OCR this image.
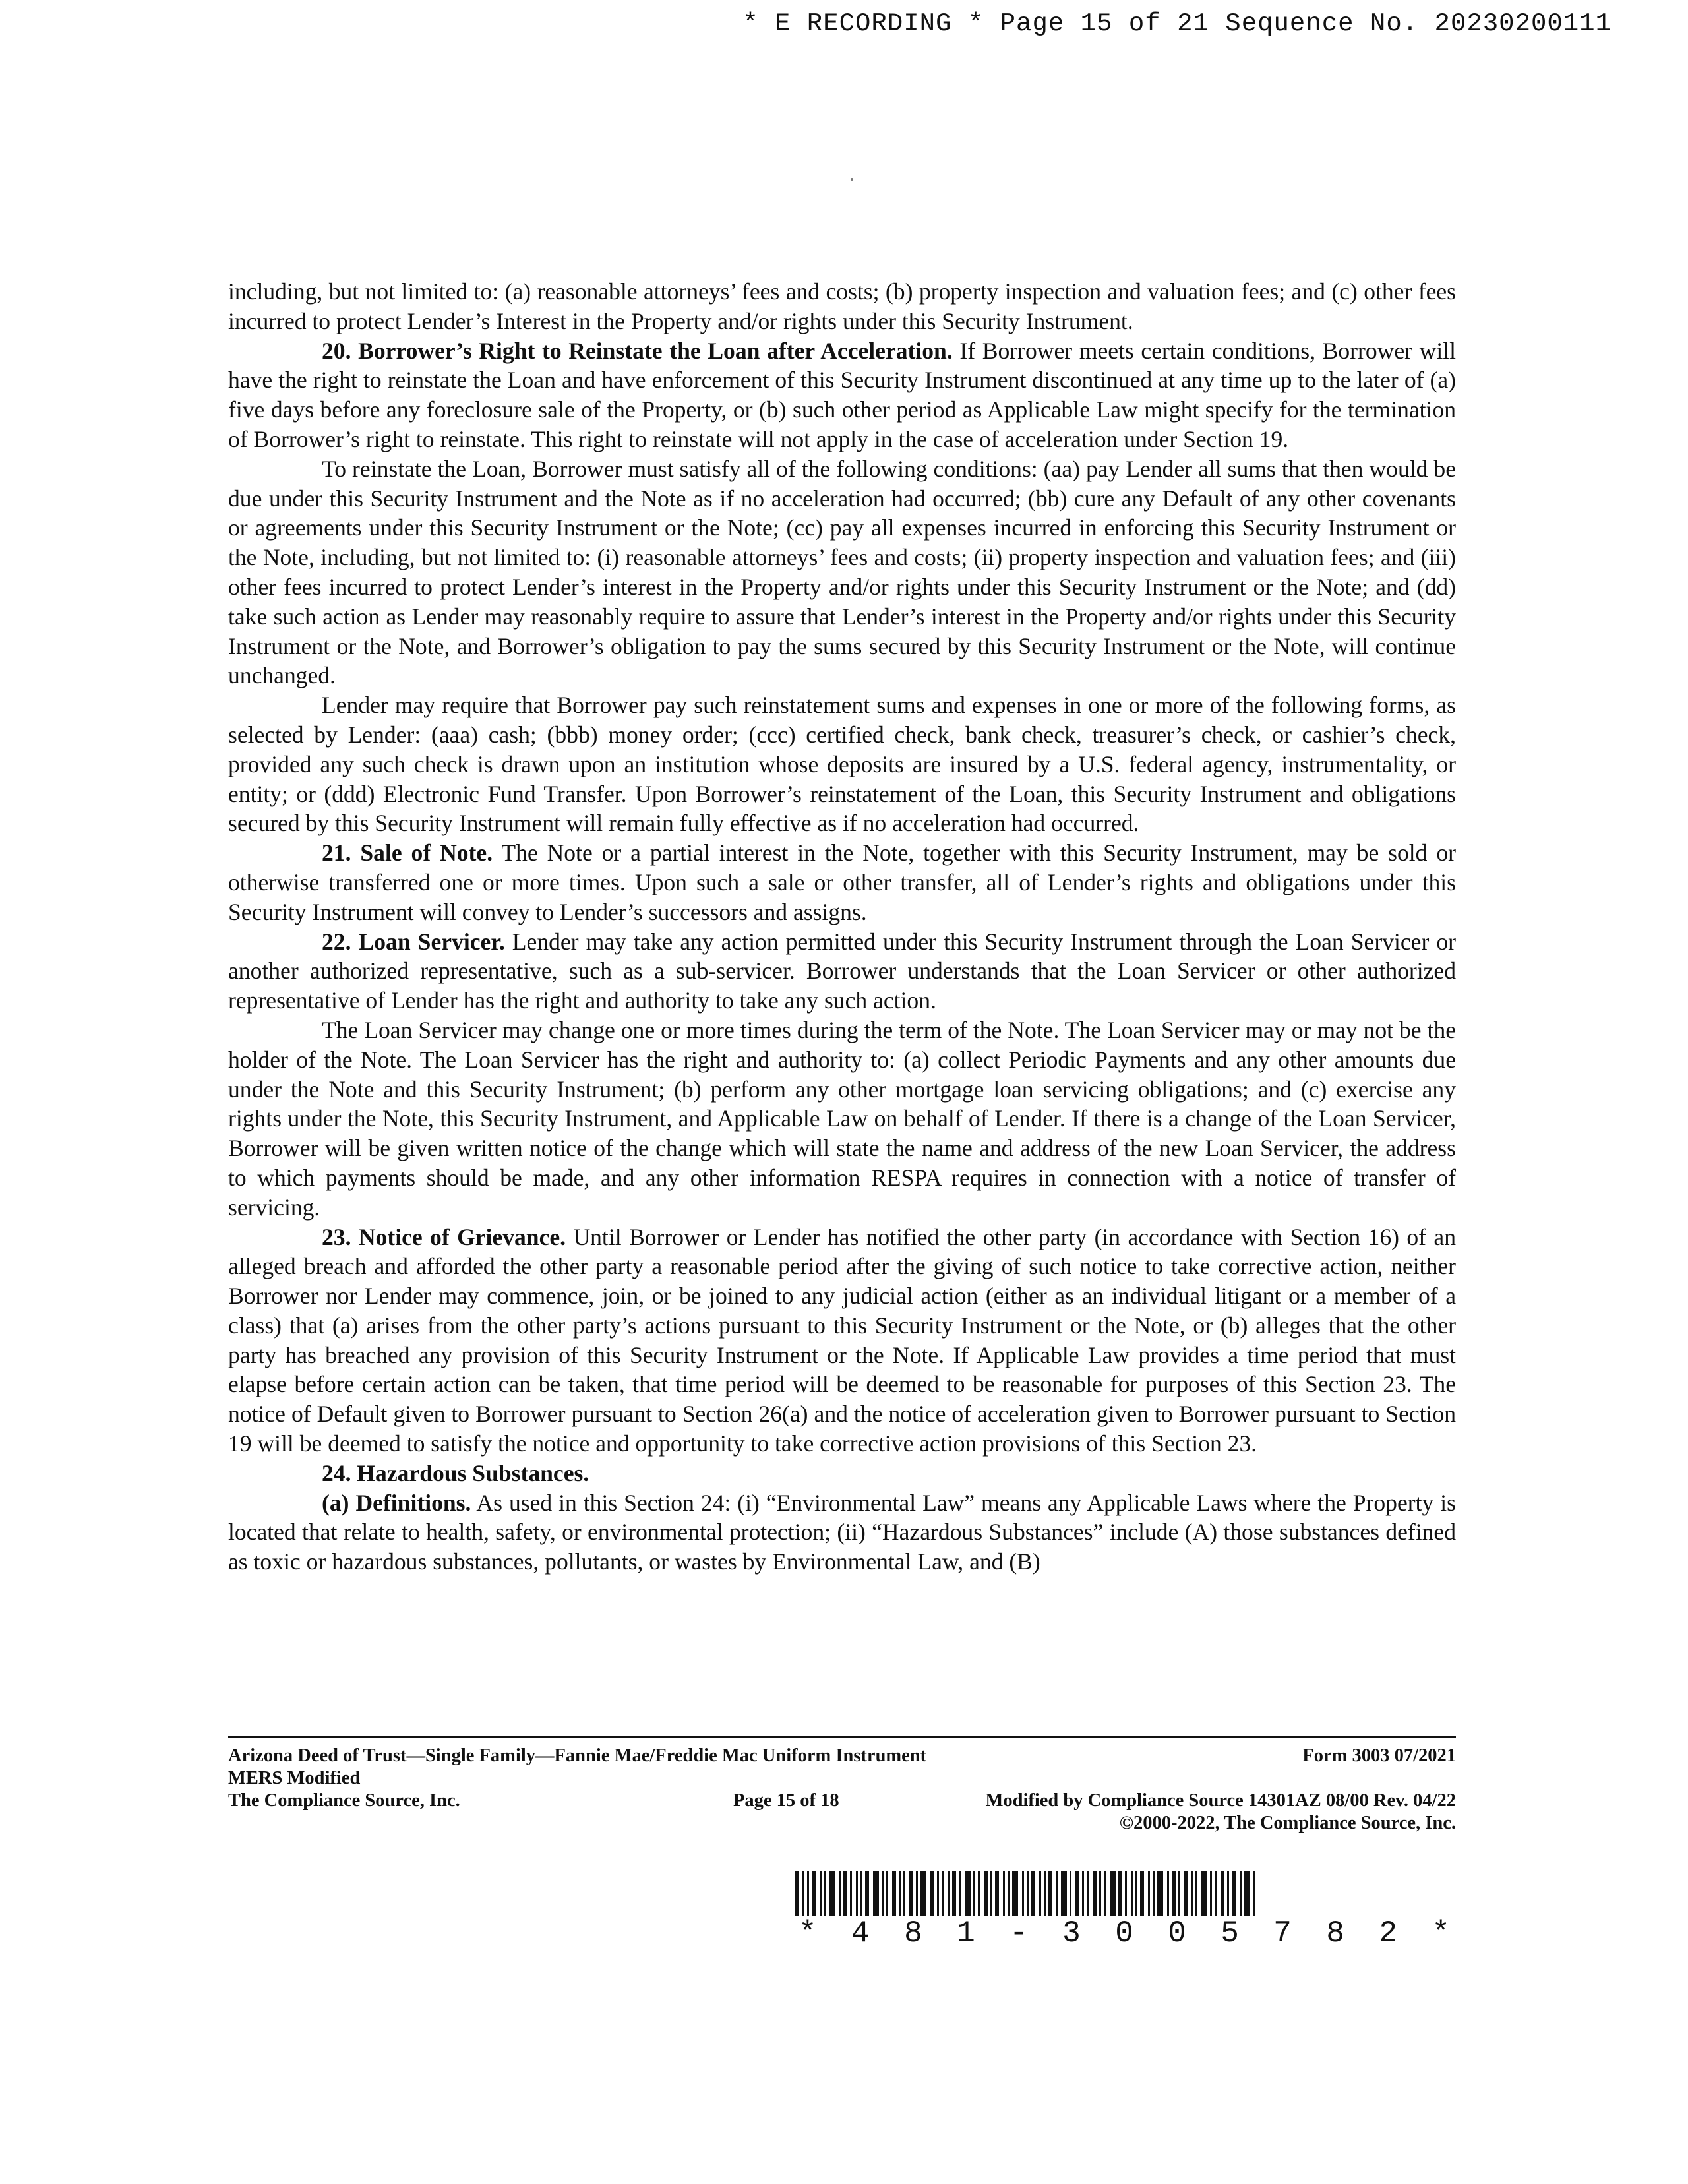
* E RECORDING * Page 15 of 21 Sequence No. 20230200111

including, but not limited to: (a) reasonable attorneys’ fees and costs; (b) property inspection and valuation fees; and (c) other fees incurred to protect Lender’s Interest in the Property and/or rights under this Security Instrument.

20. Borrower’s Right to Reinstate the Loan after Acceleration. If Borrower meets certain conditions, Borrower will have the right to reinstate the Loan and have enforcement of this Security Instrument discontinued at any time up to the later of (a) five days before any foreclosure sale of the Property, or (b) such other period as Applicable Law might specify for the termination of Borrower’s right to reinstate. This right to reinstate will not apply in the case of acceleration under Section 19.

To reinstate the Loan, Borrower must satisfy all of the following conditions: (aa) pay Lender all sums that then would be due under this Security Instrument and the Note as if no acceleration had occurred; (bb) cure any Default of any other covenants or agreements under this Security Instrument or the Note; (cc) pay all expenses incurred in enforcing this Security Instrument or the Note, including, but not limited to: (i) reasonable attorneys’ fees and costs; (ii) property inspection and valuation fees; and (iii) other fees incurred to protect Lender’s interest in the Property and/or rights under this Security Instrument or the Note; and (dd) take such action as Lender may reasonably require to assure that Lender’s interest in the Property and/or rights under this Security Instrument or the Note, and Borrower’s obligation to pay the sums secured by this Security Instrument or the Note, will continue unchanged.

Lender may require that Borrower pay such reinstatement sums and expenses in one or more of the following forms, as selected by Lender: (aaa) cash; (bbb) money order; (ccc) certified check, bank check, treasurer’s check, or cashier’s check, provided any such check is drawn upon an institution whose deposits are insured by a U.S. federal agency, instrumentality, or entity; or (ddd) Electronic Fund Transfer. Upon Borrower’s reinstatement of the Loan, this Security Instrument and obligations secured by this Security Instrument will remain fully effective as if no acceleration had occurred.

21. Sale of Note. The Note or a partial interest in the Note, together with this Security Instrument, may be sold or otherwise transferred one or more times. Upon such a sale or other transfer, all of Lender’s rights and obligations under this Security Instrument will convey to Lender’s successors and assigns.

22. Loan Servicer. Lender may take any action permitted under this Security Instrument through the Loan Servicer or another authorized representative, such as a sub-servicer. Borrower understands that the Loan Servicer or other authorized representative of Lender has the right and authority to take any such action.

The Loan Servicer may change one or more times during the term of the Note. The Loan Servicer may or may not be the holder of the Note. The Loan Servicer has the right and authority to: (a) collect Periodic Payments and any other amounts due under the Note and this Security Instrument; (b) perform any other mortgage loan servicing obligations; and (c) exercise any rights under the Note, this Security Instrument, and Applicable Law on behalf of Lender. If there is a change of the Loan Servicer, Borrower will be given written notice of the change which will state the name and address of the new Loan Servicer, the address to which payments should be made, and any other information RESPA requires in connection with a notice of transfer of servicing.

23. Notice of Grievance. Until Borrower or Lender has notified the other party (in accordance with Section 16) of an alleged breach and afforded the other party a reasonable period after the giving of such notice to take corrective action, neither Borrower nor Lender may commence, join, or be joined to any judicial action (either as an individual litigant or a member of a class) that (a) arises from the other party’s actions pursuant to this Security Instrument or the Note, or (b) alleges that the other party has breached any provision of this Security Instrument or the Note. If Applicable Law provides a time period that must elapse before certain action can be taken, that time period will be deemed to be reasonable for purposes of this Section 23. The notice of Default given to Borrower pursuant to Section 26(a) and the notice of acceleration given to Borrower pursuant to Section 19 will be deemed to satisfy the notice and opportunity to take corrective action provisions of this Section 23.

24. Hazardous Substances.

(a) Definitions. As used in this Section 24: (i) “Environmental Law” means any Applicable Laws where the Property is located that relate to health, safety, or environmental protection; (ii) “Hazardous Substances” include (A) those substances defined as toxic or hazardous substances, pollutants, or wastes by Environmental Law, and (B)

Arizona Deed of Trust—Single Family—Fannie Mae/Freddie Mac Uniform Instrument	Form 3003 07/2021
MERS Modified
The Compliance Source, Inc.	Page 15 of 18	Modified by Compliance Source 14301AZ 08/00 Rev. 04/22
©2000-2022, The Compliance Source, Inc.
* 4 8 1 - 3 0 0 5 7 8 2 *
